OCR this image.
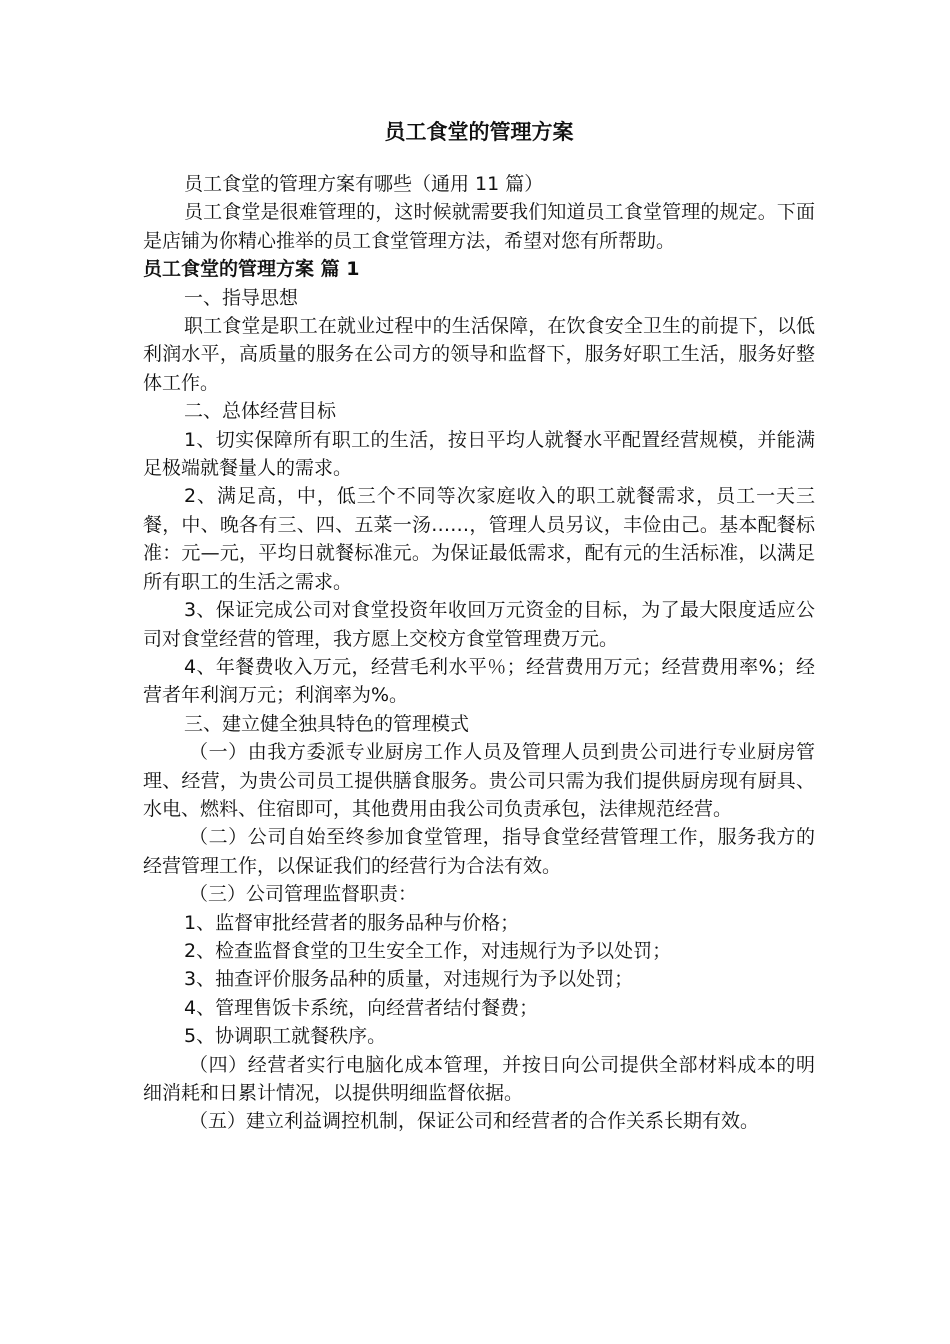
员工食堂的管理方案

员工食堂的管理方案有哪些（通用 11 篇）

员工食堂是很难管理的，这时候就需要我们知道员工食堂管理的规定。下面是店铺为你精心推举的员工食堂管理方法，希望对您有所帮助。

员工食堂的管理方案 篇 1

一、指导思想

职工食堂是职工在就业过程中的生活保障，在饮食安全卫生的前提下，以低利润水平，高质量的服务在公司方的领导和监督下，服务好职工生活，服务好整体工作。

二、总体经营目标

1、切实保障所有职工的生活，按日平均人就餐水平配置经营规模，并能满足极端就餐量人的需求。

2、满足高，中，低三个不同等次家庭收入的职工就餐需求，员工一天三餐，中、晚各有三、四、五菜一汤……，管理人员另议，丰俭由己。基本配餐标准：元—元，平均日就餐标准元。为保证最低需求，配有元的生活标准，以满足所有职工的生活之需求。

3、保证完成公司对食堂投资年收回万元资金的目标，为了最大限度适应公司对食堂经营的管理，我方愿上交校方食堂管理费万元。

4、年餐费收入万元，经营毛利水平％；经营费用万元；经营费用率%；经营者年利润万元；利润率为%。

三、建立健全独具特色的管理模式

（一）由我方委派专业厨房工作人员及管理人员到贵公司进行专业厨房管理、经营，为贵公司员工提供膳食服务。贵公司只需为我们提供厨房现有厨具、水电、燃料、住宿即可，其他费用由我公司负责承包，法律规范经营。

（二）公司自始至终参加食堂管理，指导食堂经营管理工作，服务我方的经营管理工作，以保证我们的经营行为合法有效。

（三）公司管理监督职责：

1、监督审批经营者的服务品种与价格；

2、检查监督食堂的卫生安全工作，对违规行为予以处罚；

3、抽查评价服务品种的质量，对违规行为予以处罚；

4、管理售饭卡系统，向经营者结付餐费；

5、协调职工就餐秩序。

（四）经营者实行电脑化成本管理，并按日向公司提供全部材料成本的明细消耗和日累计情况，以提供明细监督依据。

（五）建立利益调控机制，保证公司和经营者的合作关系长期有效。
